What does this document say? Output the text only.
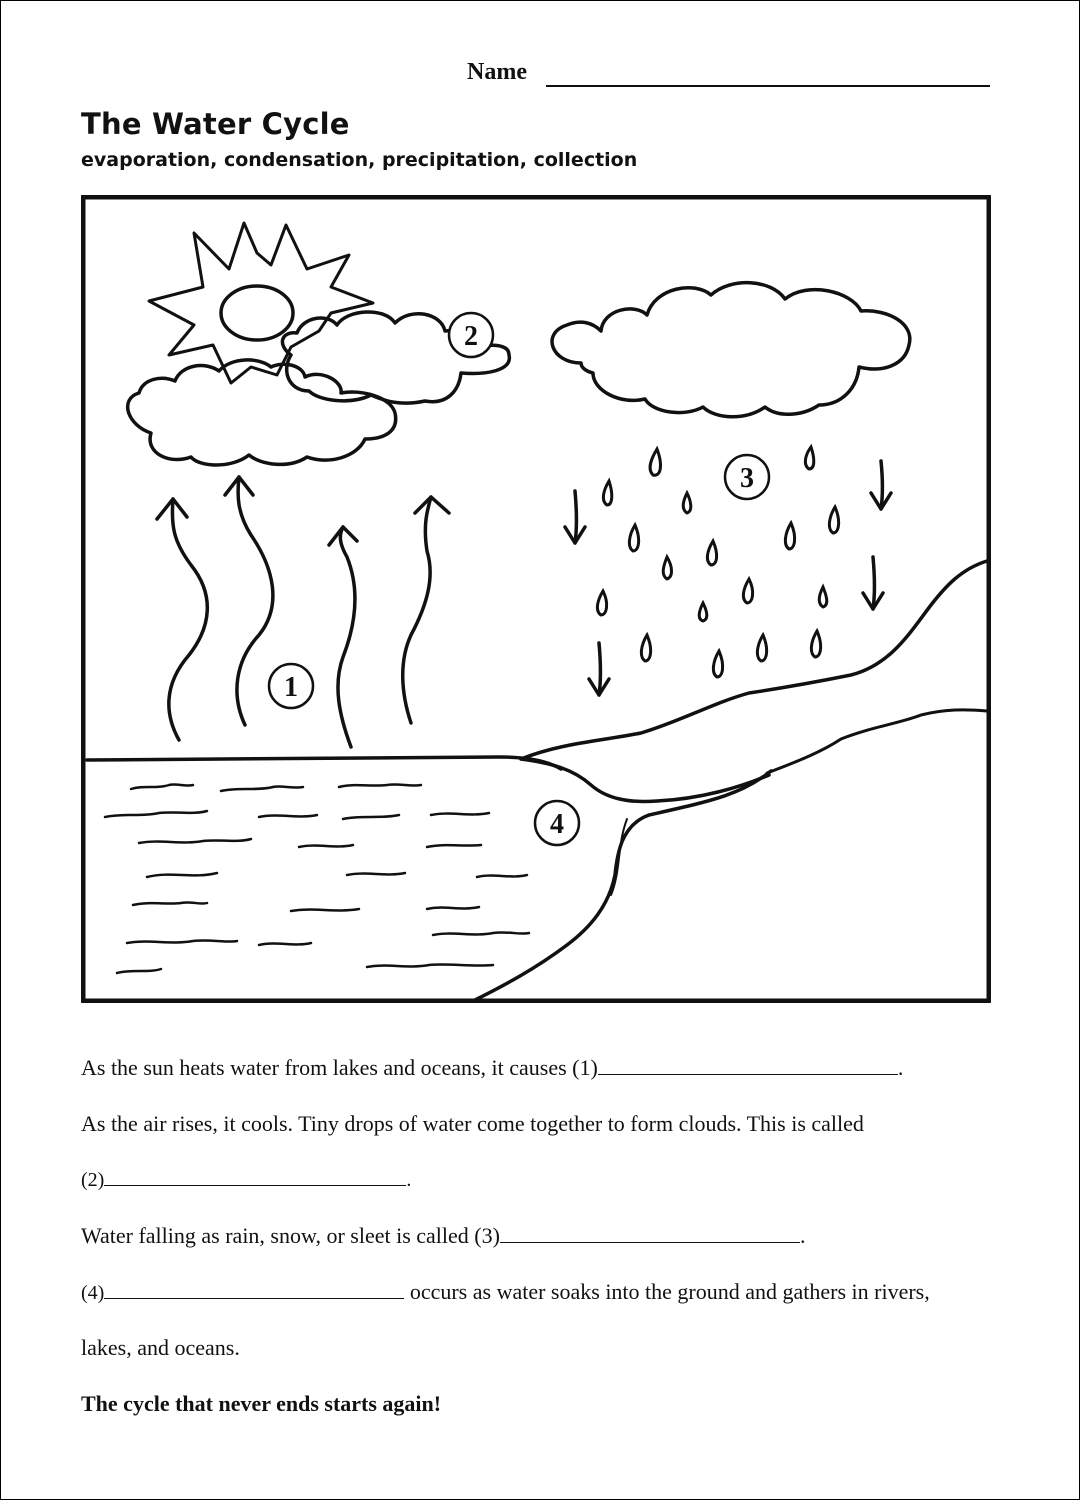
Name
The Water Cycle
evaporation, condensation, precipitation, collection
1
2
3
4
As the sun heats water from lakes and oceans, it causes (1)	.
As the air rises, it cools. Tiny drops of water come together to form clouds. This is called
(2)	.
Water falling as rain, snow, or sleet is called (3)	.
(4)	occurs as water soaks into the ground and gathers in rivers,
lakes, and oceans.
The cycle that never ends starts again!
